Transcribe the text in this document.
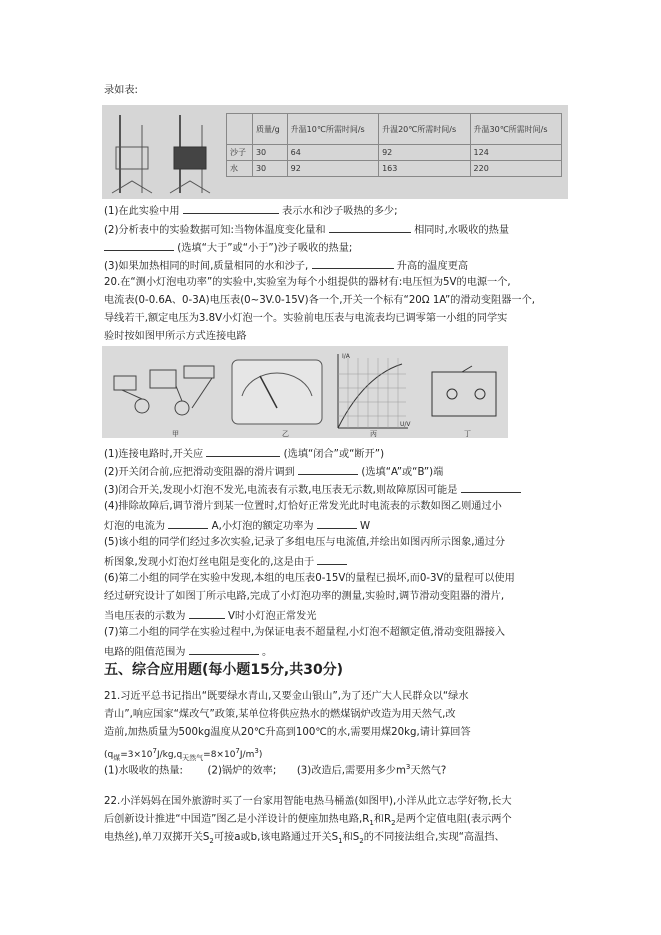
录如表:
	质量/g	升温10℃所需时间/s	升温20℃所需时间/s	升温30℃所需时间/s
沙子	30	64	92	124
水	30	92	163	220
(1)在此实验中用	表示水和沙子吸热的多少;
(2)分析表中的实验数据可知:当物体温度变化量和	相同时,水吸收的热量
(选填“大于”或“小于”)沙子吸收的热量;
(3)如果加热相同的时间,质量相同的水和沙子,	升高的温度更高
20.在“测小灯泡电功率”的实验中,实验室为每个小组提供的器材有:电压恒为5V的电源一个,
电流表(0-0.6A、0-3A)电压表(0~3V.0-15V)各一个,开关一个标有“20Ω 1A”的滑动变阻器一个,
导线若干,额定电压为3.8V小灯泡一个。实验前电压表与电流表均已调零第一小组的同学实
验时按如图甲所示方式连接电路
I/A
U/V
甲	乙	丙	丁
(1)连接电路时,开关应	(选填“闭合”或“断开”)
(2)开关闭合前,应把滑动变阻器的滑片调到	(选填“A”或“B”)端
(3)闭合开关,发现小灯泡不发光,电流表有示数,电压表无示数,则故障原因可能是
(4)排除故障后,调节滑片到某一位置时,灯恰好正常发光此时电流表的示数如图乙则通过小
灯泡的电流为	A,小灯泡的额定功率为	W
(5)该小组的同学们经过多次实验,记录了多组电压与电流值,并绘出如图丙所示图象,通过分
析图象,发现小灯泡灯丝电阻是变化的,这是由于
(6)第二小组的同学在实验中发现,本组的电压表0-15V的量程已损坏,而0-3V的量程可以使用
经过研究设计了如图丁所示电路,完成了小灯泡功率的测量,实验时,调节滑动变阻器的滑片,
当电压表的示数为	V时小灯泡正常发光
(7)第二小组的同学在实验过程中,为保证电表不超量程,小灯泡不超额定值,滑动变阻器接入
电路的阻值范围为	。
五、综合应用题(每小题15分,共30分)
21.习近平总书记指出“既要绿水青山,又要金山银山”,为了还广大人民群众以“绿水
青山”,响应国家“煤改气”政策,某单位将供应热水的燃煤锅炉改造为用天然气,改
造前,加热质量为500kg温度从20℃升高到100℃的水,需要用煤20kg,请计算回答
$(q_煤=3\times 10^7J/kg,q_{天然气}=8\times 10^7J/m^3)$
(1)水吸收的热量: (2)锅炉的效率; (3)改造后,需要用多少$m^3$天然气?
22.小洋妈妈在国外旅游时买了一台家用智能电热马桶盖(如图甲),小洋从此立志学好物,长大
后创新设计推进“中国造”图乙是小洋设计的便座加热电路$,R_1$和$R_2$是两个定值电阻(表示两个
电热丝),单刀双掷开关$S_2$可接a或b,该电路通过开关$S_1$和$S_2$的不同接法组合,实现“高温挡、
